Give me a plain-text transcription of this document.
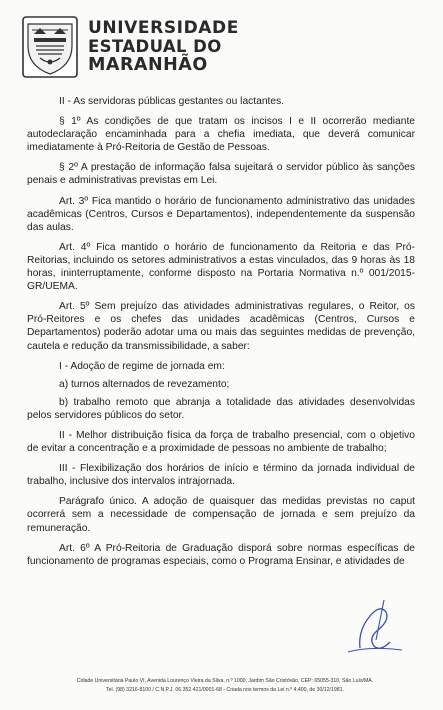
UNIVERSIDADE
ESTADUAL DO
MARANHÃO

II - As servidoras públicas gestantes ou lactantes.

§ 1º As condições de que tratam os incisos I e II ocorrerão mediante autodeclaração encaminhada para a chefia imediata, que deverá comunicar imediatamente à Pró-Reitoria de Gestão de Pessoas.

§ 2º A prestação de informação falsa sujeitará o servidor público às sanções penais e administrativas previstas em Lei.

Art. 3º Fica mantido o horário de funcionamento administrativo das unidades acadêmicas (Centros, Cursos e Departamentos), independentemente da suspensão das aulas.

Art. 4º Fica mantido o horário de funcionamento da Reitoria e das Pró-Reitorias, incluindo os setores administrativos a estas vinculados, das 9 horas às 18 horas, ininterruptamente, conforme disposto na Portaria Normativa n.º 001/2015-GR/UEMA.

Art. 5º Sem prejuízo das atividades administrativas regulares, o Reitor, os Pró-Reitores e os chefes das unidades acadêmicas (Centros, Cursos e Departamentos) poderão adotar uma ou mais das seguintes medidas de prevenção, cautela e redução da transmissibilidade, a saber:

I - Adoção de regime de jornada em:

a) turnos alternados de revezamento;

b) trabalho remoto que abranja a totalidade das atividades desenvolvidas pelos servidores públicos do setor.

II - Melhor distribuição física da força de trabalho presencial, com o objetivo de evitar a concentração e a proximidade de pessoas no ambiente de trabalho;

III - Flexibilização dos horários de início e término da jornada individual de trabalho, inclusive dos intervalos intrajornada.

Parágrafo único. A adoção de quaisquer das medidas previstas no caput ocorrerá sem a necessidade de compensação de jornada e sem prejuízo da remuneração.

Art. 6º A Pró-Reitoria de Graduação disporá sobre normas específicas de funcionamento de programas especiais, como o Programa Ensinar, e atividades de

Cidade Universitária Paulo VI, Avenida Lourenço Vieira da Silva, n.º 1000, Jardim São Cristóvão, CEP: 65055-310, São Luís/MA.
Tel. (98) 3216-8100 / C.N.P.J. 06.352.421/0001-68 - Criada nos termos da Lei n.º 4.400, de 30/12/1981.
